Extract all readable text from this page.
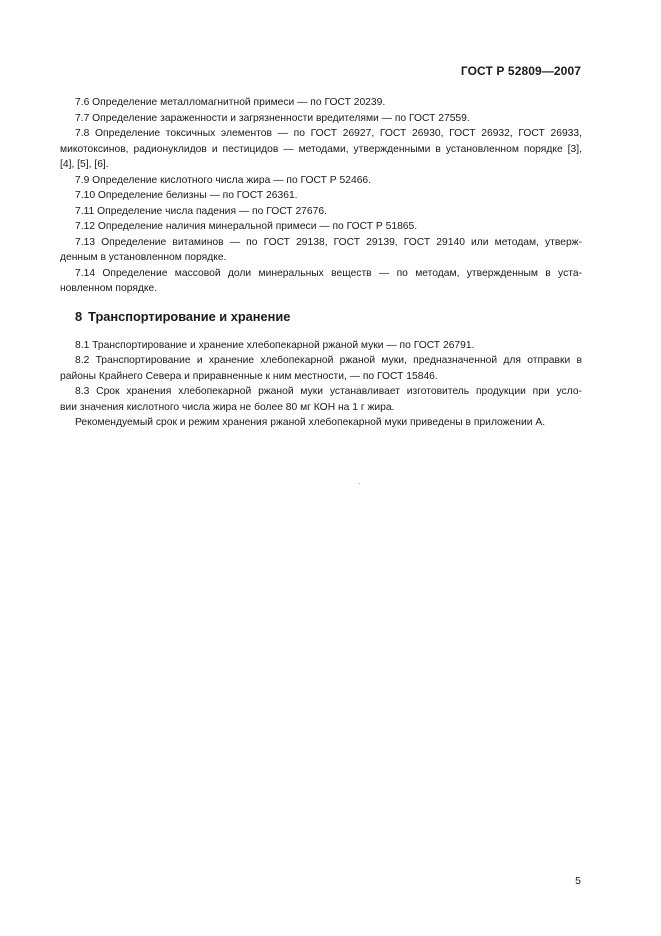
ГОСТ Р 52809—2007

7.6 Определение металломагнитной примеси — по ГОСТ 20239.

7.7 Определение зараженности и загрязненности вредителями — по ГОСТ 27559.

7.8 Определение токсичных элементов — по ГОСТ 26927, ГОСТ 26930, ГОСТ 26932, ГОСТ 26933,
микотоксинов, радионуклидов и пестицидов — методами, утвержденными в установленном порядке [3],
[4], [5], [6].

7.9 Определение кислотного числа жира — по ГОСТ Р 52466.

7.10 Определение белизны — по ГОСТ 26361.

7.11 Определение числа падения — по ГОСТ 27676.

7.12 Определение наличия минеральной примеси — по ГОСТ Р 51865.

7.13 Определение витаминов — по ГОСТ 29138, ГОСТ 29139, ГОСТ 29140 или методам, утверж-
денным в установленном порядке.

7.14 Определение массовой доли минеральных веществ — по методам, утвержденным в уста-
новленном порядке.

8 Транспортирование и хранение

8.1 Транспортирование и хранение хлебопекарной ржаной муки — по ГОСТ 26791.

8.2 Транспортирование и хранение хлебопекарной ржаной муки, предназначенной для отправки в
районы Крайнего Севера и приравненные к ним местности, — по ГОСТ 15846.

8.3 Срок хранения хлебопекарной ржаной муки устанавливает изготовитель продукции при усло-
вии значения кислотного числа жира не более 80 мг КОН на 1 г жира.

Рекомендуемый срок и режим хранения ржаной хлебопекарной муки приведены в приложении А.

5
